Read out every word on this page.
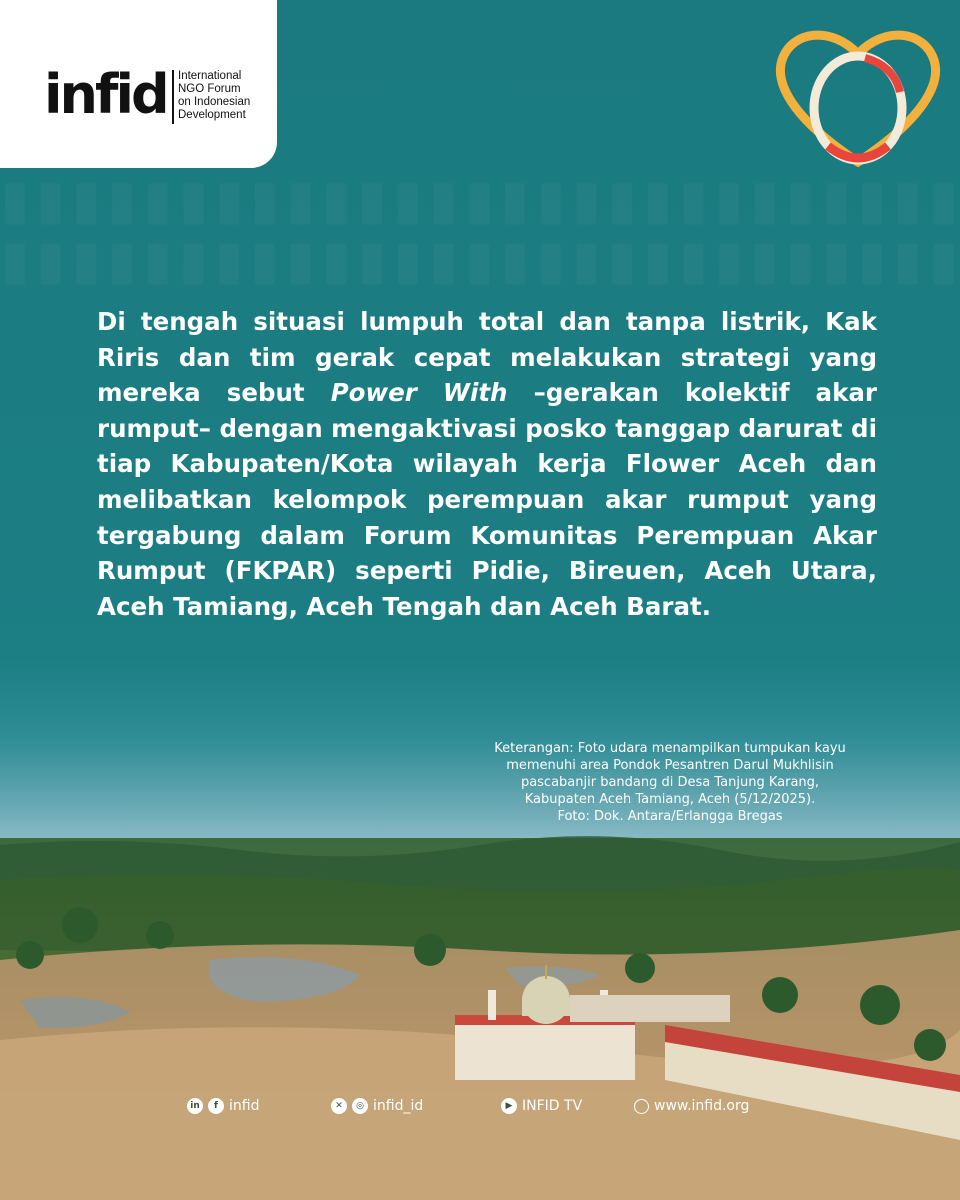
infid International
NGO Forum
on Indonesian
Development
Di tengah situasi lumpuh total dan tanpa listrik, Kak Riris dan tim gerak cepat melakukan strategi yang mereka sebut Power With –gerakan kolektif akar rumput– dengan mengaktivasi posko tanggap darurat di tiap Kabupaten/Kota wilayah kerja Flower Aceh dan melibatkan kelompok perempuan akar rumput yang tergabung dalam Forum Komunitas Perempuan Akar Rumput (FKPAR) seperti Pidie, Bireuen, Aceh Utara, Aceh Tamiang, Aceh Tengah dan Aceh Barat.
Keterangan: Foto udara menampilkan tumpukan kayu
memenuhi area Pondok Pesantren Darul Mukhlisin
pascabanjir bandang di Desa Tanjung Karang,
Kabupaten Aceh Tamiang, Aceh (5/12/2025).
Foto: Dok. Antara/Erlangga Bregas
in	f infid	✕	◎ infid_id	▶ INFID TV	www.infid.org
